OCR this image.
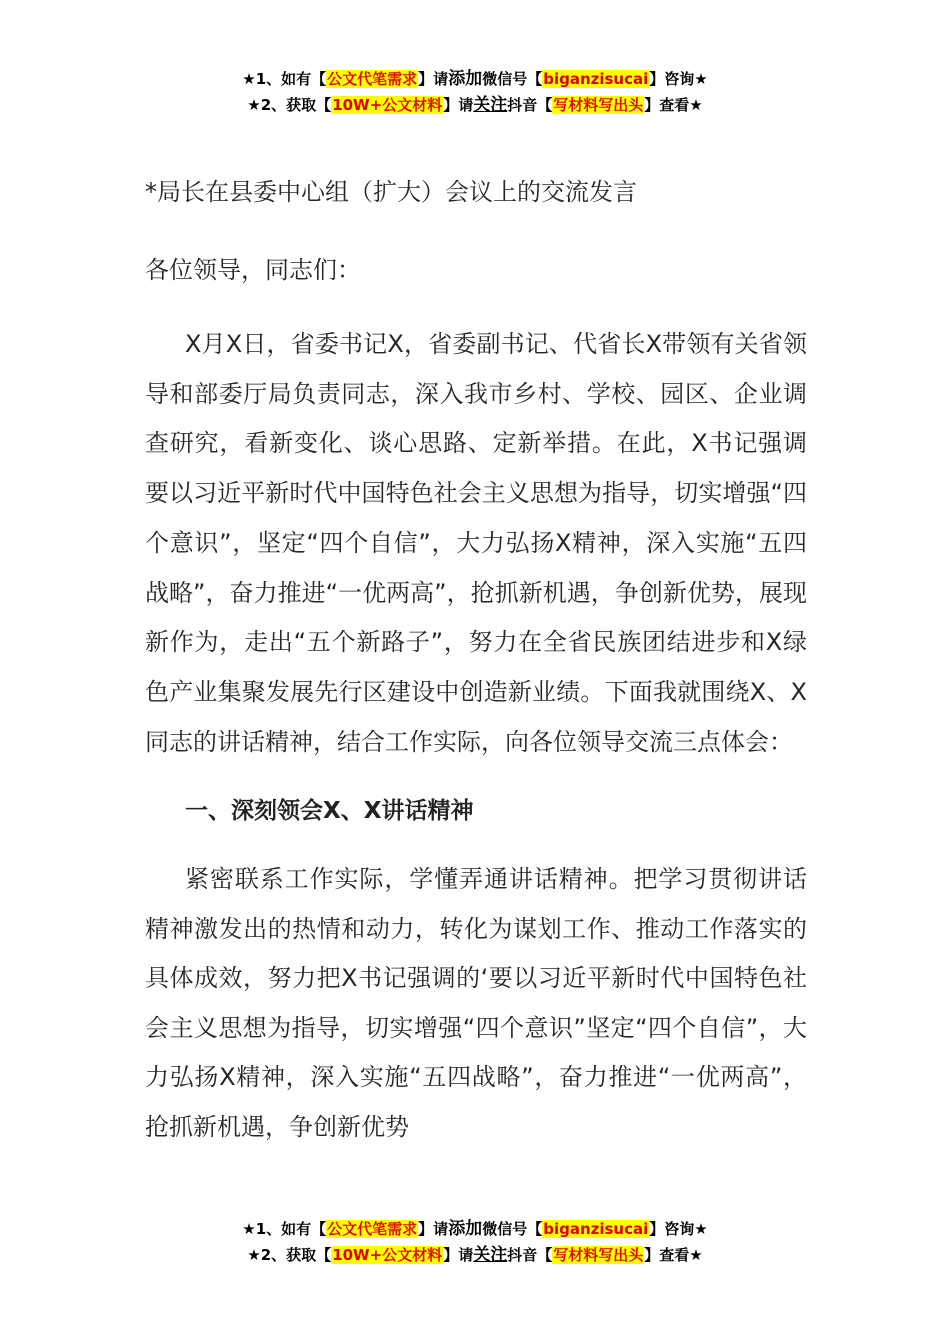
★1、如有【公文代笔需求】请添加微信号【biganzisucai】咨询★
★2、获取【10W+公文材料】请关注抖音【写材料写出头】查看★

*局长在县委中心组（扩大）会议上的交流发言

各位领导，同志们：

X月X日，省委书记X，省委副书记、代省长X带领有关省领导和部委厅局负责同志，深入我市乡村、学校、园区、企业调查研究，看新变化、谈心思路、定新举措。在此，X书记强调要以习近平新时代中国特色社会主义思想为指导，切实增强“四个意识”，坚定“四个自信”，大力弘扬X精神，深入实施“五四战略”，奋力推进“一优两高”，抢抓新机遇，争创新优势，展现新作为，走出“五个新路子”，努力在全省民族团结进步和X绿色产业集聚发展先行区建设中创造新业绩。下面我就围绕X、X同志的讲话精神，结合工作实际，向各位领导交流三点体会：

一、深刻领会X、X讲话精神

紧密联系工作实际，学懂弄通讲话精神。把学习贯彻讲话精神激发出的热情和动力，转化为谋划工作、推动工作落实的具体成效，努力把X书记强调的‘要以习近平新时代中国特色社会主义思想为指导，切实增强“四个意识”坚定“四个自信”，大力弘扬X精神，深入实施“五四战略”，奋力推进“一优两高”，抢抓新机遇，争创新优势

★1、如有【公文代笔需求】请添加微信号【biganzisucai】咨询★
★2、获取【10W+公文材料】请关注抖音【写材料写出头】查看★
